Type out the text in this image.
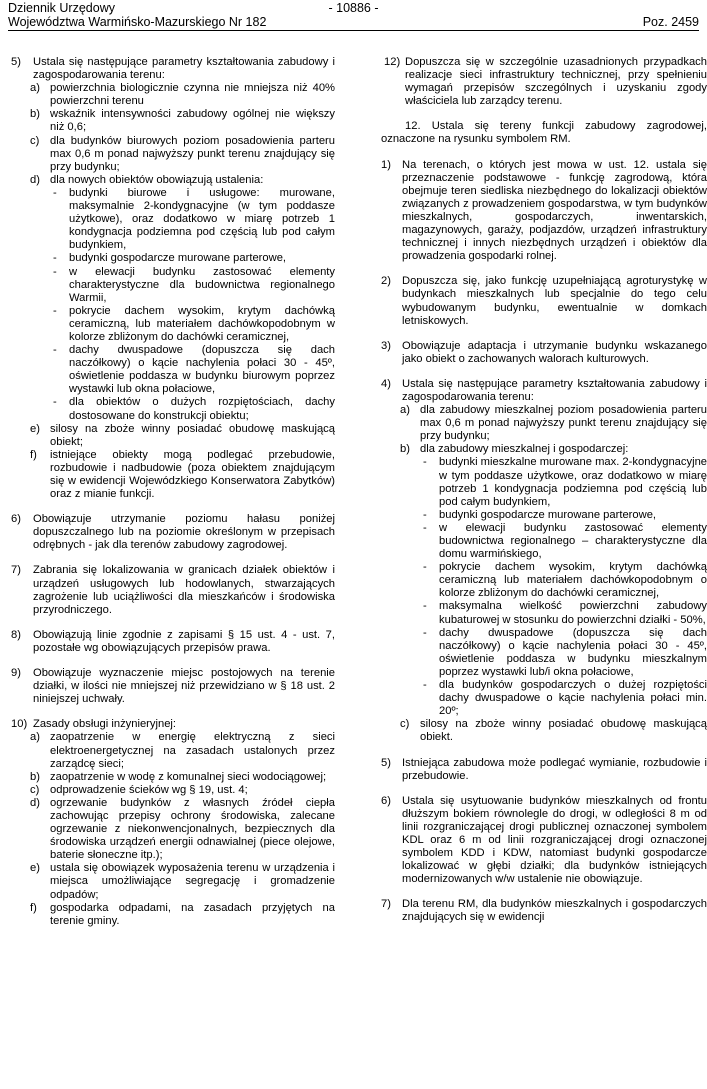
Dziennik Urzędowy	- 10886 -
Województwa Warmińsko-Mazurskiego Nr 182	Poz. 2459
5)	Ustala się następujące parametry kształtowania zabudowy i zagospodarowania terenu:
a) powierzchnia biologicznie czynna nie mniejsza niż 40% powierzchni terenu
b) wskaźnik intensywności zabudowy ogólnej nie większy niż 0,6;
c) dla budynków biurowych poziom posadowienia parteru max 0,6 m ponad najwyższy punkt terenu znajdujący się przy budynku;
d) dla nowych obiektów obowiązują ustalenia:
- budynki biurowe i usługowe: murowane, maksymalnie 2-kondygnacyjne (w tym poddasze użytkowe), oraz dodatkowo w miarę potrzeb 1 kondygnacja podziemna pod częścią lub pod całym budynkiem,
- budynki gospodarcze murowane parterowe,
- w elewacji budynku zastosować elementy charakterystyczne dla budownictwa regionalnego Warmii,
- pokrycie dachem wysokim, krytym dachówką ceramiczną, lub materiałem dachówkopodobnym w kolorze zbliżonym do dachówki ceramicznej,
- dachy dwuspadowe (dopuszcza się dach naczółkowy) o kącie nachylenia połaci 30 - 45º, oświetlenie poddasza w budynku biurowym poprzez wystawki lub okna połaciowe,
- dla obiektów o dużych rozpiętościach, dachy dostosowane do konstrukcji obiektu;
e) silosy na zboże winny posiadać obudowę maskującą obiekt;
f) istniejące obiekty mogą podlegać przebudowie, rozbudowie i nadbudowie (poza obiektem znajdującym się w ewidencji Wojewódzkiego Konserwatora Zabytków) oraz z mianie funkcji.
6)	Obowiązuje utrzymanie poziomu hałasu poniżej dopuszczalnego lub na poziomie określonym w przepisach odrębnych - jak dla terenów zabudowy zagrodowej.
7)	Zabrania się lokalizowania w granicach działek obiektów i urządzeń usługowych lub hodowlanych, stwarzających zagrożenie lub uciążliwości dla mieszkańców i środowiska przyrodniczego.
8)	Obowiązują linie zgodnie z zapisami § 15 ust. 4 - ust. 7, pozostałe wg obowiązujących przepisów prawa.
9)	Obowiązuje wyznaczenie miejsc postojowych na terenie działki, w ilości nie mniejszej niż przewidziano w § 18 ust. 2 niniejszej uchwały.
10) Zasady obsługi inżynieryjnej:
a) zaopatrzenie w energię elektryczną z sieci elektroenergetycznej na zasadach ustalonych przez zarządcę sieci;
b) zaopatrzenie w wodę z komunalnej sieci wodociągowej;
c) odprowadzenie ścieków wg § 19, ust. 4;
d) ogrzewanie budynków z własnych źródeł ciepła zachowując przepisy ochrony środowiska, zalecane ogrzewanie z niekonwencjonalnych, bezpiecznych dla środowiska urządzeń energii odnawialnej (piece olejowe, baterie słoneczne itp.);
e) ustala się obowiązek wyposażenia terenu w urządzenia i miejsca umożliwiające segregację i gromadzenie odpadów;
f) gospodarka odpadami, na zasadach przyjętych na terenie gminy.
12) Dopuszcza się w szczególnie uzasadnionych przypadkach realizacje sieci infrastruktury technicznej, przy spełnieniu wymagań przepisów szczególnych i uzyskaniu zgody właściciela lub zarządcy terenu.
12. Ustala się tereny funkcji zabudowy zagrodowej, oznaczone na rysunku symbolem RM.
1) Na terenach, o których jest mowa w ust. 12. ustala się przeznaczenie podstawowe - funkcję zagrodową, która obejmuje teren siedliska niezbędnego do lokalizacji obiektów związanych z prowadzeniem gospodarstwa, w tym budynków mieszkalnych, gospodarczych, inwentarskich, magazynowych, garaży, podjazdów, urządzeń infrastruktury technicznej i innych niezbędnych urządzeń i obiektów dla prowadzenia gospodarki rolnej.
2) Dopuszcza się, jako funkcję uzupełniającą agroturystykę w budynkach mieszkalnych lub specjalnie do tego celu wybudowanym budynku, ewentualnie w domkach letniskowych.
3) Obowiązuje adaptacja i utrzymanie budynku wskazanego jako obiekt o zachowanych walorach kulturowych.
4) Ustala się następujące parametry kształtowania zabudowy i zagospodarowania terenu:
a) dla zabudowy mieszkalnej poziom posadowienia parteru max 0,6 m ponad najwyższy punkt terenu znajdujący się przy budynku;
b) dla zabudowy mieszkalnej i gospodarczej:
- budynki mieszkalne murowane max. 2-kondygnacyjne w tym poddasze użytkowe, oraz dodatkowo w miarę potrzeb 1 kondygnacja podziemna pod częścią lub pod całym budynkiem,
- budynki gospodarcze murowane parterowe,
- w elewacji budynku zastosować elementy budownictwa regionalnego – charakterystyczne dla domu warmińskiego,
- pokrycie dachem wysokim, krytym dachówką ceramiczną lub materiałem dachówkopodobnym o kolorze zbliżonym do dachówki ceramicznej,
- maksymalna wielkość powierzchni zabudowy kubaturowej w stosunku do powierzchni działki - 50%,
- dachy dwuspadowe (dopuszcza się dach naczółkowy) o kącie nachylenia połaci 30 - 45º, oświetlenie poddasza w budynku mieszkalnym poprzez wystawki lub/i okna połaciowe,
- dla budynków gospodarczych o dużej rozpiętości dachy dwuspadowe o kącie nachylenia połaci min. 20º;
c) silosy na zboże winny posiadać obudowę maskującą obiekt.
5) Istniejąca zabudowa może podlegać wymianie, rozbudowie i przebudowie.
6) Ustala się usytuowanie budynków mieszkalnych od frontu dłuższym bokiem równolegle do drogi, w odległości 8 m od linii rozgraniczającej drogi publicznej oznaczonej symbolem KDL oraz 6 m od linii rozgraniczającej drogi oznaczonej symbolem KDD i KDW, natomiast budynki gospodarcze lokalizować w głębi działki; dla budynków istniejących modernizowanych w/w ustalenie nie obowiązuje.
7) Dla terenu RM, dla budynków mieszkalnych i gospodarczych znajdujących się w ewidencji
